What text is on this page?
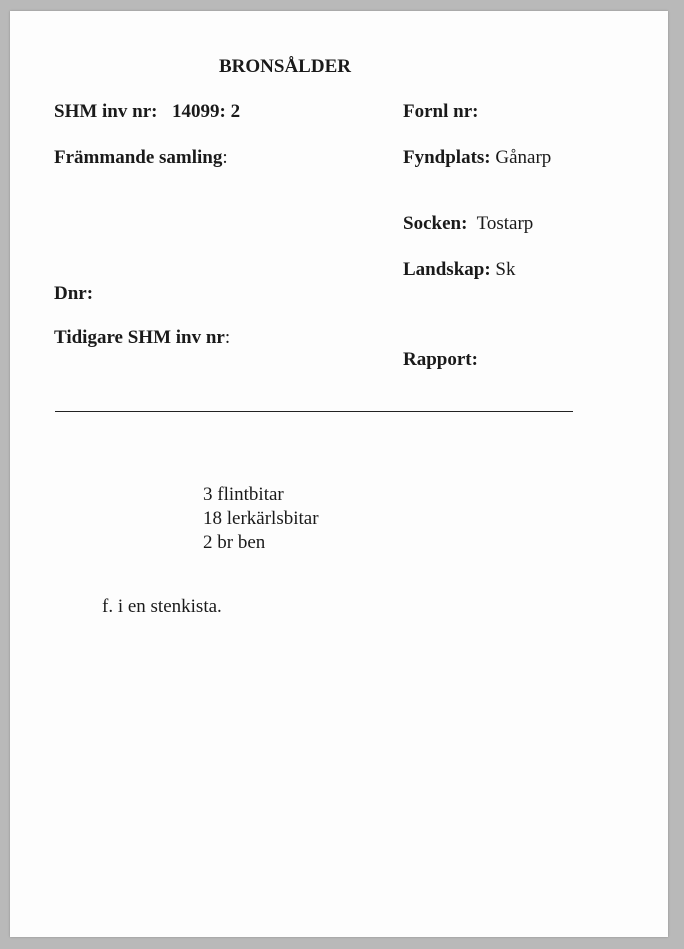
BRONSÅLDER
SHM inv nr: 14099: 2
Främmande samling:
Dnr:
Tidigare SHM inv nr:
Fornl nr:
Fyndplats: Gånarp
Socken: Tostarp
Landskap: Sk
Rapport:
3 flintbitar
18 lerkärlsbitar
2 br ben
f. i en stenkista.
